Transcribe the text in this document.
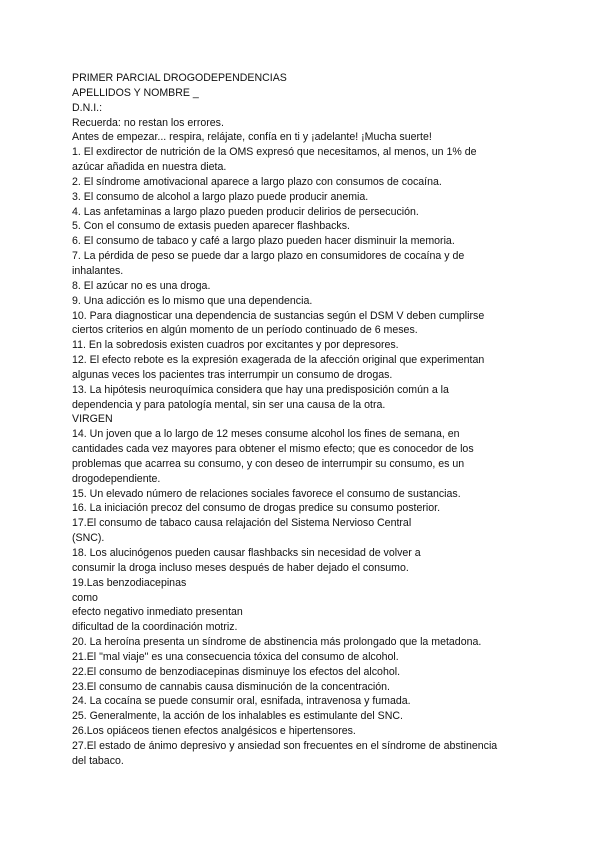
PRIMER PARCIAL DROGODEPENDENCIAS
APELLIDOS Y NOMBRE _
D.N.I.:
Recuerda: no restan los errores.
Antes de empezar... respira, relájate, confía en ti y ¡adelante! ¡Mucha suerte!
1. El exdirector de nutrición de la OMS expresó que necesitamos, al menos, un 1% de
azúcar añadida en nuestra dieta.
2. El síndrome amotivacional aparece a largo plazo con consumos de cocaína.
3. El consumo de alcohol a largo plazo puede producir anemia.
4. Las anfetaminas a largo plazo pueden producir delirios de persecución.
5. Con el consumo de extasis pueden aparecer flashbacks.
6. El consumo de tabaco y café a largo plazo pueden hacer disminuir la memoria.
7. La pérdida de peso se puede dar a largo plazo en consumidores de cocaína y de
inhalantes.
8. El azúcar no es una droga.
9. Una adicción es lo mismo que una dependencia.
10. Para diagnosticar una dependencia de sustancias según el DSM V deben cumplirse
ciertos criterios en algún momento de un período continuado de 6 meses.
11. En la sobredosis existen cuadros por excitantes y por depresores.
12. El efecto rebote es la expresión exagerada de la afección original que experimentan
algunas veces los pacientes tras interrumpir un consumo de drogas.
13. La hipótesis neuroquímica considera que hay una predisposición común a la
dependencia y para patología mental, sin ser una causa de la otra.
VIRGEN
14. Un joven que a lo largo de 12 meses consume alcohol los fines de semana, en
cantidades cada vez mayores para obtener el mismo efecto; que es conocedor de los
problemas que acarrea su consumo, y con deseo de interrumpir su consumo, es un
drogodependiente.
15. Un elevado número de relaciones sociales favorece el consumo de sustancias.
16. La iniciación precoz del consumo de drogas predice su consumo posterior.
17.El consumo de tabaco causa relajación del Sistema Nervioso Central
(SNC).
18. Los alucinógenos pueden causar flashbacks sin necesidad de volver a
consumir la droga incluso meses después de haber dejado el consumo.
19.Las benzodiacepinas
como
efecto negativo inmediato presentan
dificultad de la coordinación motriz.
20. La heroína presenta un síndrome de abstinencia más prolongado que la metadona.
21.El "mal viaje" es una consecuencia tóxica del consumo de alcohol.
22.El consumo de benzodiacepinas disminuye los efectos del alcohol.
23.El consumo de cannabis causa disminución de la concentración.
24. La cocaína se puede consumir oral, esnifada, intravenosa y fumada.
25. Generalmente, la acción de los inhalables es estimulante del SNC.
26.Los opiáceos tienen efectos analgésicos e hipertensores.
27.El estado de ánimo depresivo y ansiedad son frecuentes en el síndrome de abstinencia
del tabaco.
